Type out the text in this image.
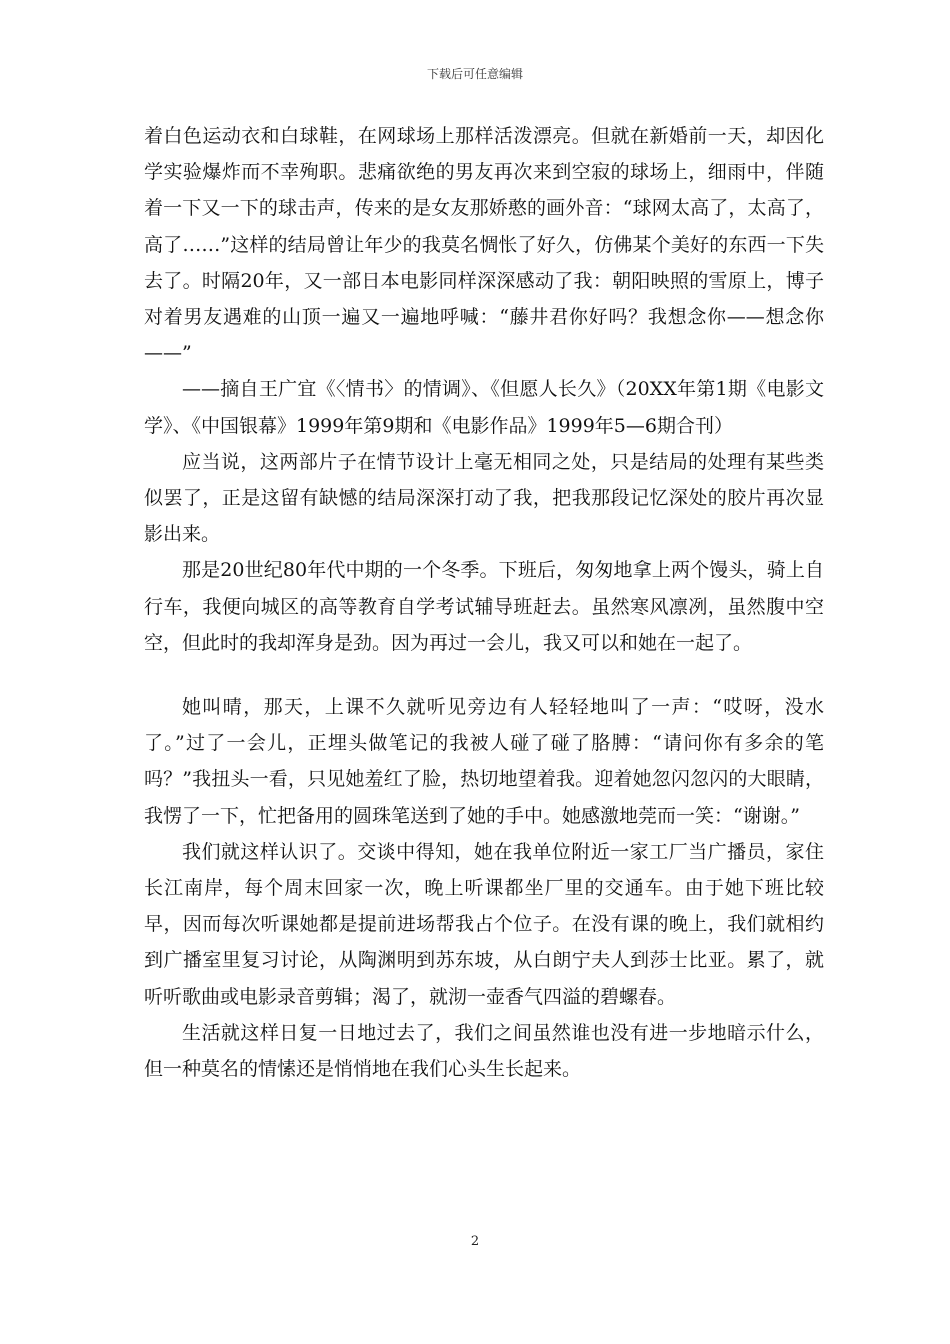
下载后可任意编辑

着白色运动衣和白球鞋，在网球场上那样活泼漂亮。但就在新婚前一天，却因化学实验爆炸而不幸殉职。悲痛欲绝的男友再次来到空寂的球场上，细雨中，伴随着一下又一下的球击声，传来的是女友那娇憨的画外音：“球网太高了，太高了，高了……”这样的结局曾让年少的我莫名惆怅了好久，仿佛某个美好的东西一下失去了。时隔20年，又一部日本电影同样深深感动了我：朝阳映照的雪原上，博子对着男友遇难的山顶一遍又一遍地呼喊：“藤井君你好吗？我想念你——想念你——”

——摘自王广宜《〈情书〉的情调》、《但愿人长久》（20XX年第1期《电影文学》、《中国银幕》1999年第9期和《电影作品》1999年5—6期合刊）

应当说，这两部片子在情节设计上毫无相同之处，只是结局的处理有某些类似罢了，正是这留有缺憾的结局深深打动了我，把我那段记忆深处的胶片再次显影出来。

那是20世纪80年代中期的一个冬季。下班后，匆匆地拿上两个馒头，骑上自行车，我便向城区的高等教育自学考试辅导班赶去。虽然寒风凛冽，虽然腹中空空，但此时的我却浑身是劲。因为再过一会儿，我又可以和她在一起了。

她叫晴，那天，上课不久就听见旁边有人轻轻地叫了一声：“哎呀，没水了。”过了一会儿，正埋头做笔记的我被人碰了碰了胳膊：“请问你有多余的笔吗？”我扭头一看，只见她羞红了脸，热切地望着我。迎着她忽闪忽闪的大眼睛，我愣了一下，忙把备用的圆珠笔送到了她的手中。她感激地莞而一笑：“谢谢。”

我们就这样认识了。交谈中得知，她在我单位附近一家工厂当广播员，家住长江南岸，每个周末回家一次，晚上听课都坐厂里的交通车。由于她下班比较早，因而每次听课她都是提前进场帮我占个位子。在没有课的晚上，我们就相约到广播室里复习讨论，从陶渊明到苏东坡，从白朗宁夫人到莎士比亚。累了，就听听歌曲或电影录音剪辑；渴了，就沏一壶香气四溢的碧螺春。

生活就这样日复一日地过去了，我们之间虽然谁也没有进一步地暗示什么，但一种莫名的情愫还是悄悄地在我们心头生长起来。

2
